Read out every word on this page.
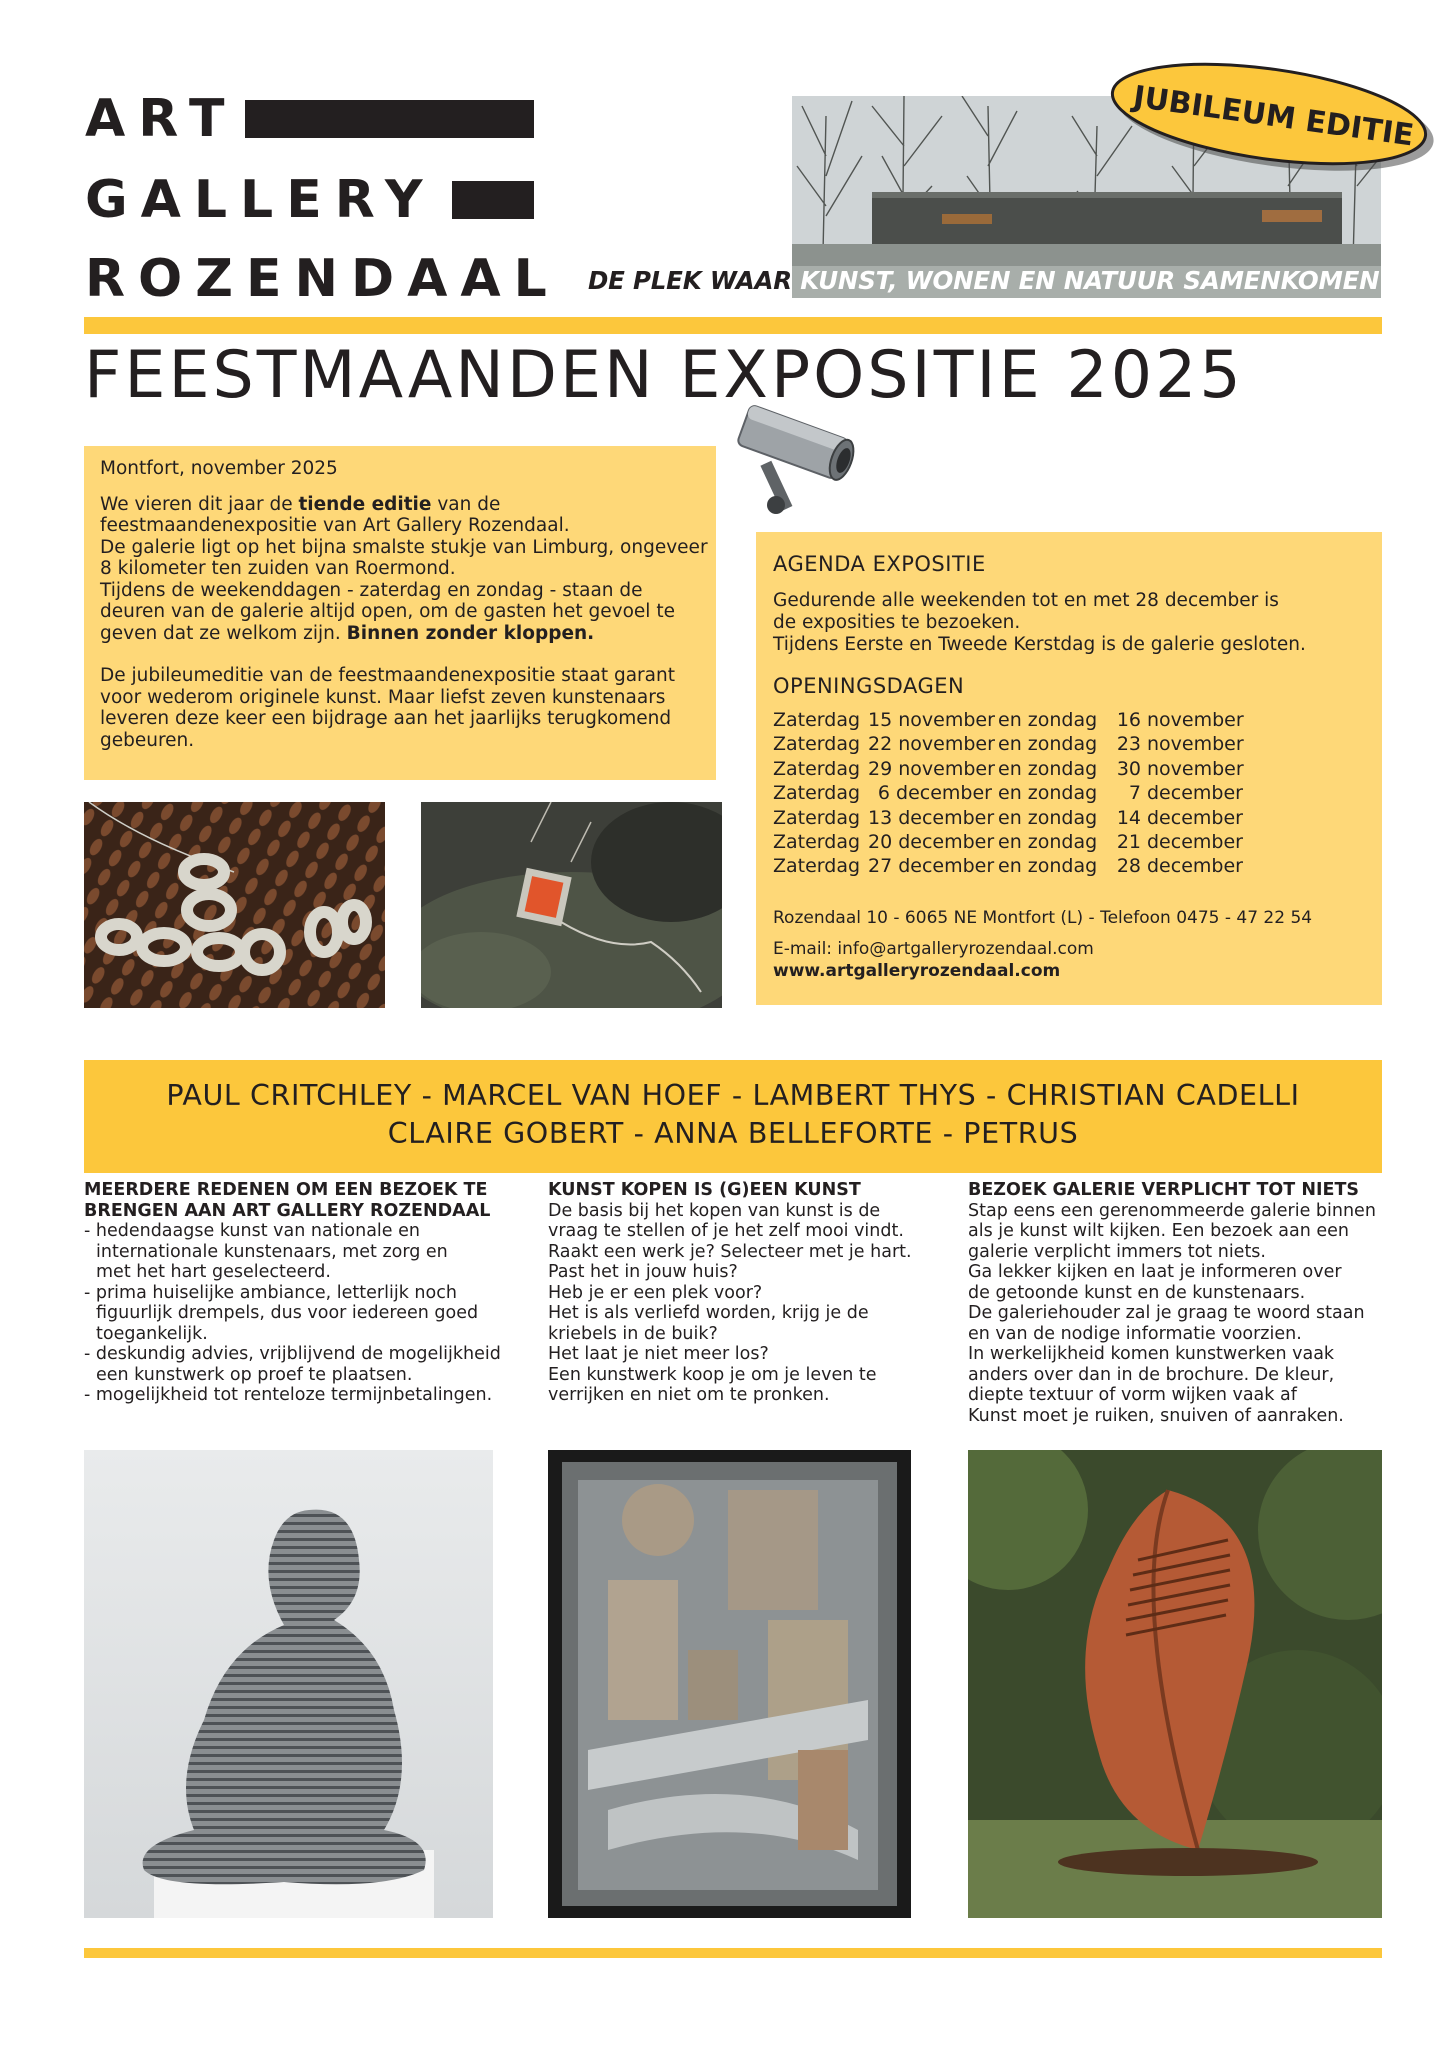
ART
GALLERY
ROZENDAAL
JUBILEUM EDITIE
DE PLEK WAAR KUNST, WONEN EN NATUUR SAMENKOMEN
FEESTMAANDEN EXPOSITIE 2025

Montfort, november 2025

We vieren dit jaar de tiende editie van de feestmaandenexpositie van Art Gallery Rozendaal.

De galerie ligt op het bijna smalste stukje van Limburg, ongeveer 8 kilometer ten zuiden van Roermond.

Tijdens de weekenddagen - zaterdag en zondag - staan de deuren van de galerie altijd open, om de gasten het gevoel te geven dat ze welkom zijn. Binnen zonder kloppen.

De jubileumeditie van de feestmaandenexpositie staat garant voor wederom originele kunst. Maar liefst zeven kunstenaars leveren deze keer een bijdrage aan het jaarlijks terugkomend gebeuren.

AGENDA EXPOSITIE

Gedurende alle weekenden tot en met 28 december is

de exposities te bezoeken.

Tijdens Eerste en Tweede Kerstdag is de galerie gesloten.

OPENINGSDAGEN
Zaterdag 15 november en zondag	16 november
Zaterdag 22 november en zondag	23 november
Zaterdag 29 november en zondag	30 november
Zaterdag 6 december en zondag	7 december
Zaterdag 13 december en zondag	14 december
Zaterdag 20 december en zondag	21 december
Zaterdag 27 december en zondag	28 december

Rozendaal 10 - 6065 NE Montfort (L) - Telefoon 0475 - 47 22 54

E-mail: info@artgalleryrozendaal.com www.artgalleryrozendaal.com

PAUL CRITCHLEY - MARCEL VAN HOEF - LAMBERT THYS - CHRISTIAN CADELLI
CLAIRE GOBERT - ANNA BELLEFORTE - PETRUS
MEERDERE REDENEN OM EEN BEZOEK TE
BRENGEN AAN ART GALLERY ROZENDAAL
- hedendaagse kunst van nationale en
internationale kunstenaars, met zorg en
met het hart geselecteerd.
- prima huiselijke ambiance, letterlijk noch
figuurlijk drempels, dus voor iedereen goed
toegankelijk.
- deskundig advies, vrijblijvend de mogelijkheid
een kunstwerk op proef te plaatsen.
- mogelijkheid tot renteloze termijnbetalingen.
KUNST KOPEN IS (G)EEN KUNST
De basis bij het kopen van kunst is de
vraag te stellen of je het zelf mooi vindt.
Raakt een werk je? Selecteer met je hart.
Past het in jouw huis?
Heb je er een plek voor?
Het is als verliefd worden, krijg je de
kriebels in de buik?
Het laat je niet meer los?
Een kunstwerk koop je om je leven te
verrijken en niet om te pronken.
BEZOEK GALERIE VERPLICHT TOT NIETS
Stap eens een gerenommeerde galerie binnen
als je kunst wilt kijken. Een bezoek aan een
galerie verplicht immers tot niets.
Ga lekker kijken en laat je informeren over
de getoonde kunst en de kunstenaars.
De galeriehouder zal je graag te woord staan
en van de nodige informatie voorzien.
In werkelijkheid komen kunstwerken vaak
anders over dan in de brochure. De kleur,
diepte textuur of vorm wijken vaak af
Kunst moet je ruiken, snuiven of aanraken.
